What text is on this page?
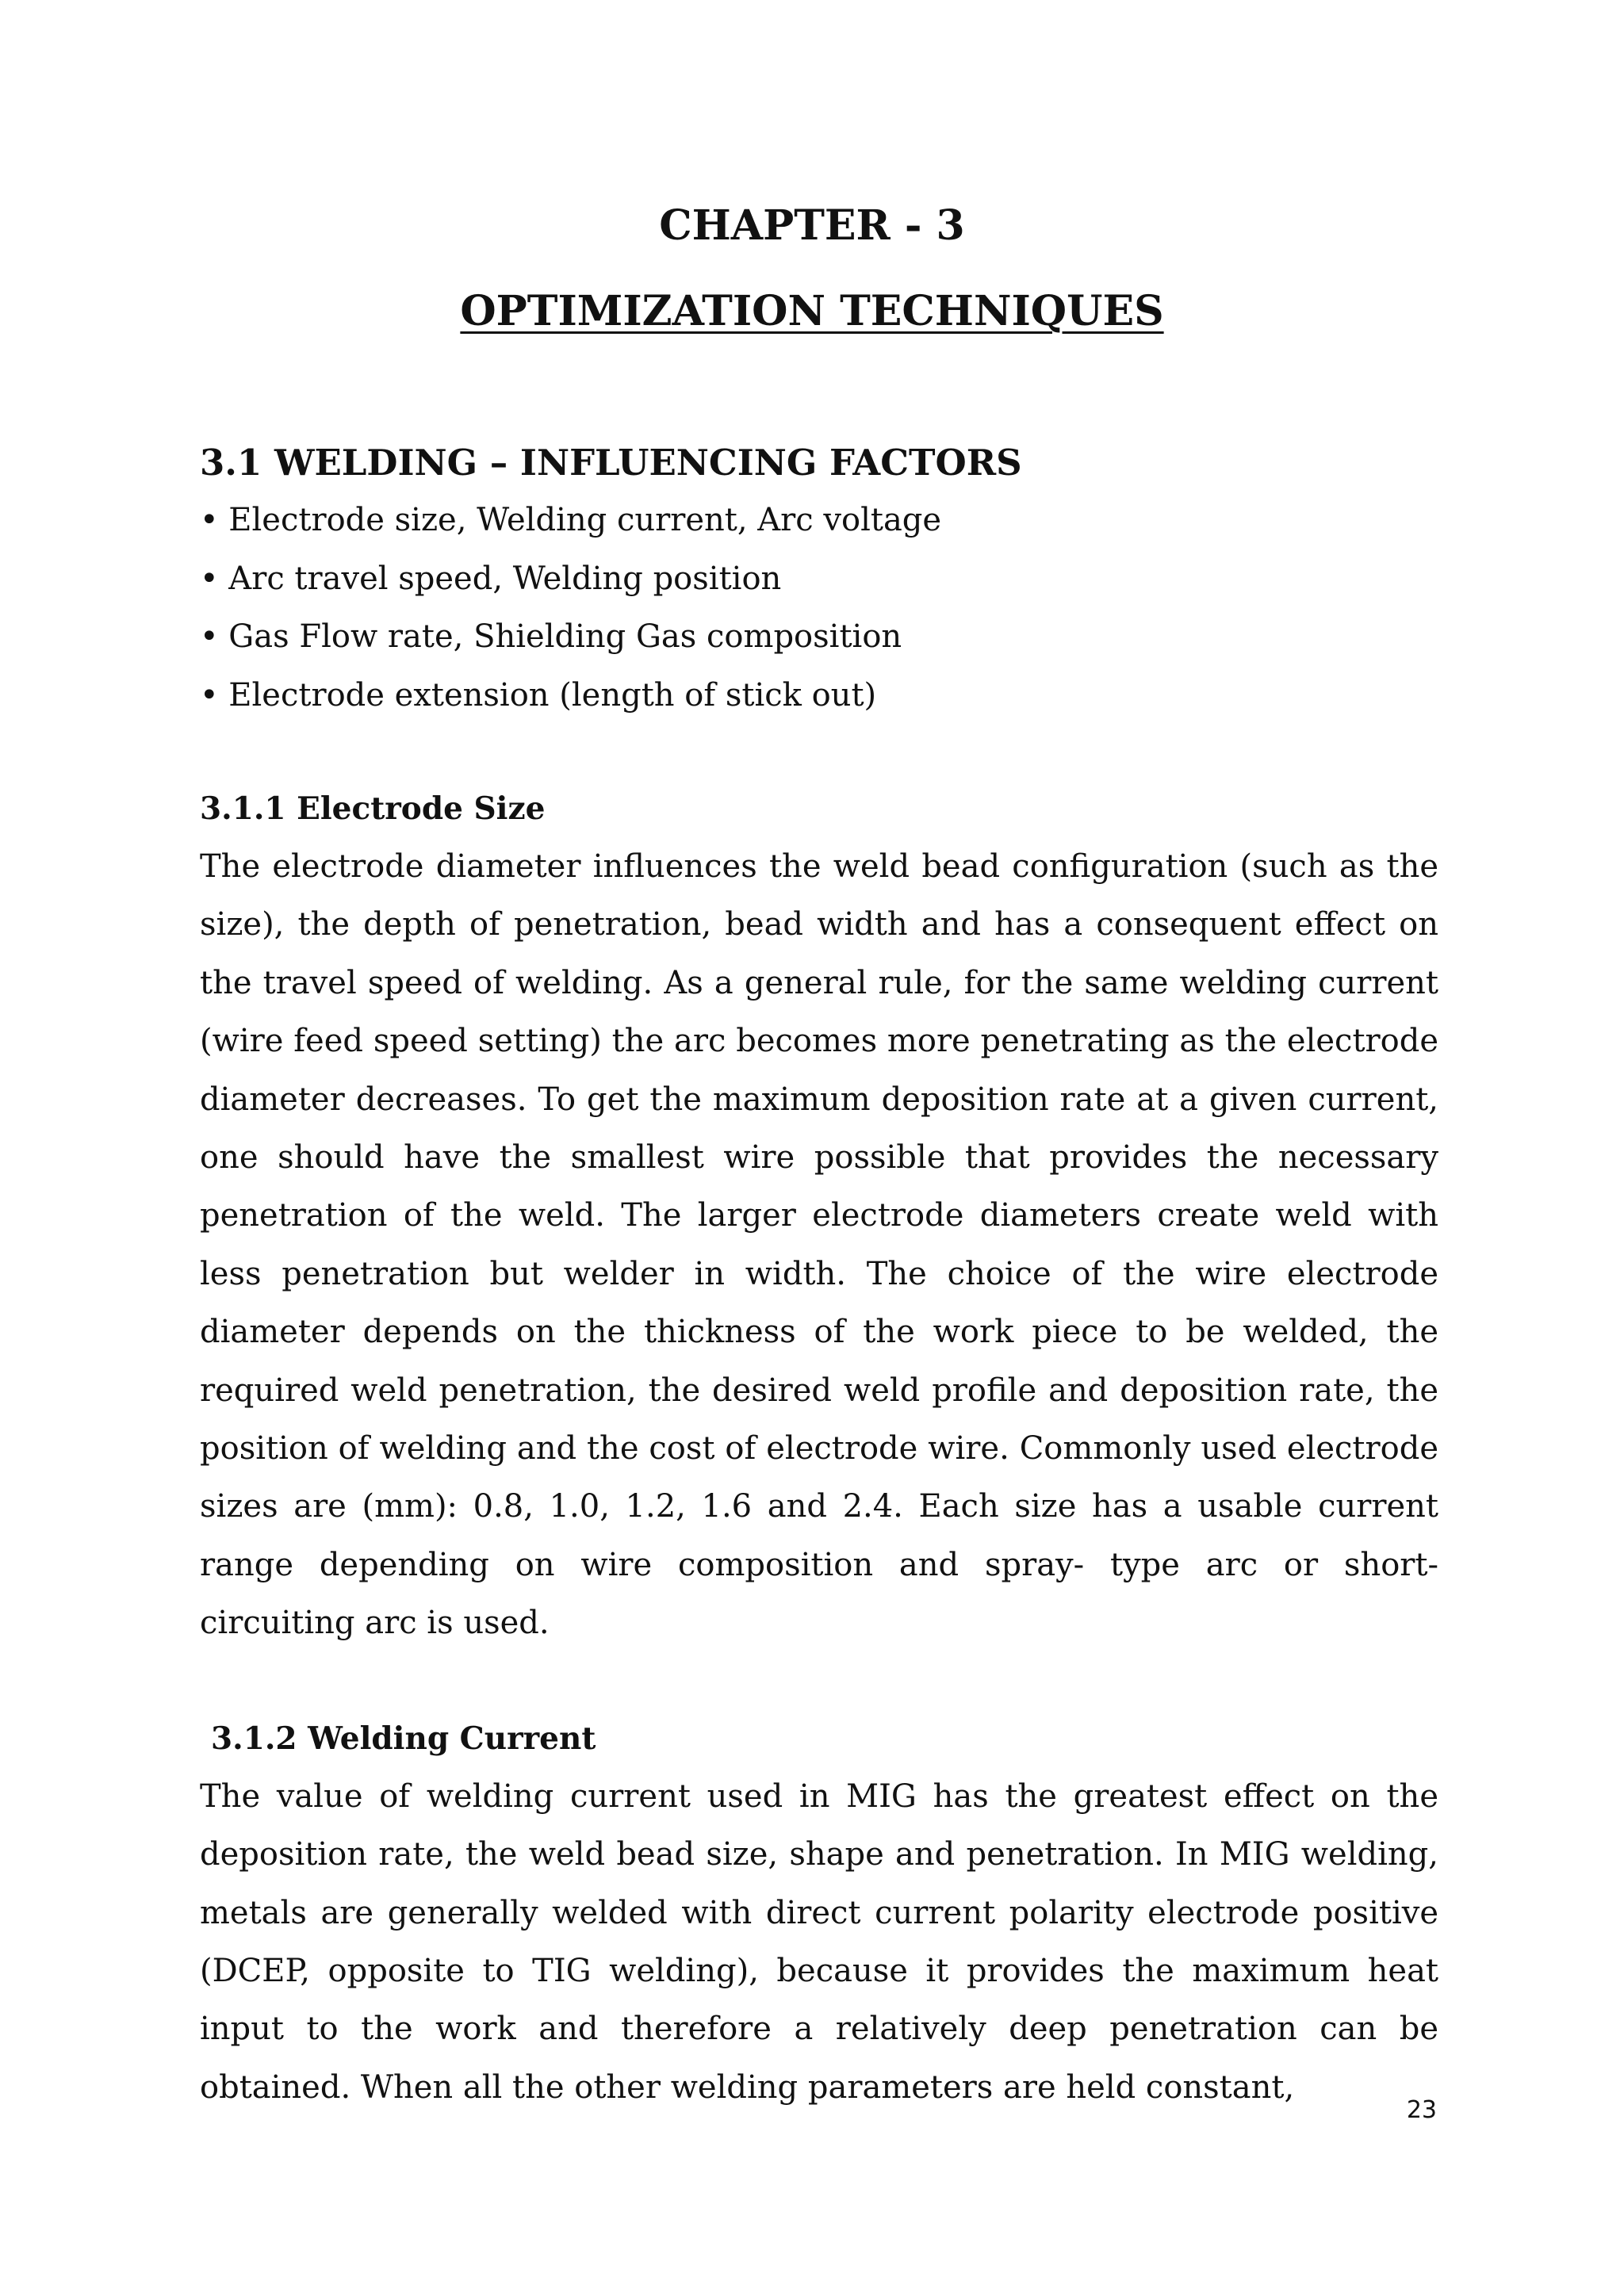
CHAPTER - 3
OPTIMIZATION TECHNIQUES
3.1 WELDING – INFLUENCING FACTORS
• Electrode size, Welding current, Arc voltage
• Arc travel speed, Welding position
• Gas Flow rate, Shielding Gas composition
• Electrode extension (length of stick out)
3.1.1 Electrode Size

The electrode diameter influences the weld bead configuration (such as the size), the depth of penetration, bead width and has a consequent effect on the travel speed of welding. As a general rule, for the same welding current (wire feed speed setting) the arc becomes more penetrating as the electrode diameter decreases. To get the maximum deposition rate at a given current, one should have the smallest wire possible that provides the necessary penetration of the weld. The larger electrode diameters create weld with less penetration but welder in width. The choice of the wire electrode diameter depends on the thickness of the work piece to be welded, the required weld penetration, the desired weld profile and deposition rate, the position of welding and the cost of electrode wire. Commonly used electrode sizes are (mm): 0.8, 1.0, 1.2, 1.6 and 2.4. Each size has a usable current range depending on wire composition and spray- type arc or short- circuiting arc is used.

3.1.2 Welding Current

The value of welding current used in MIG has the greatest effect on the deposition rate, the weld bead size, shape and penetration. In MIG welding, metals are generally welded with direct current polarity electrode positive (DCEP, opposite to TIG welding), because it provides the maximum heat input to the work and therefore a relatively deep penetration can be obtained. When all the other welding parameters are held constant,

23
